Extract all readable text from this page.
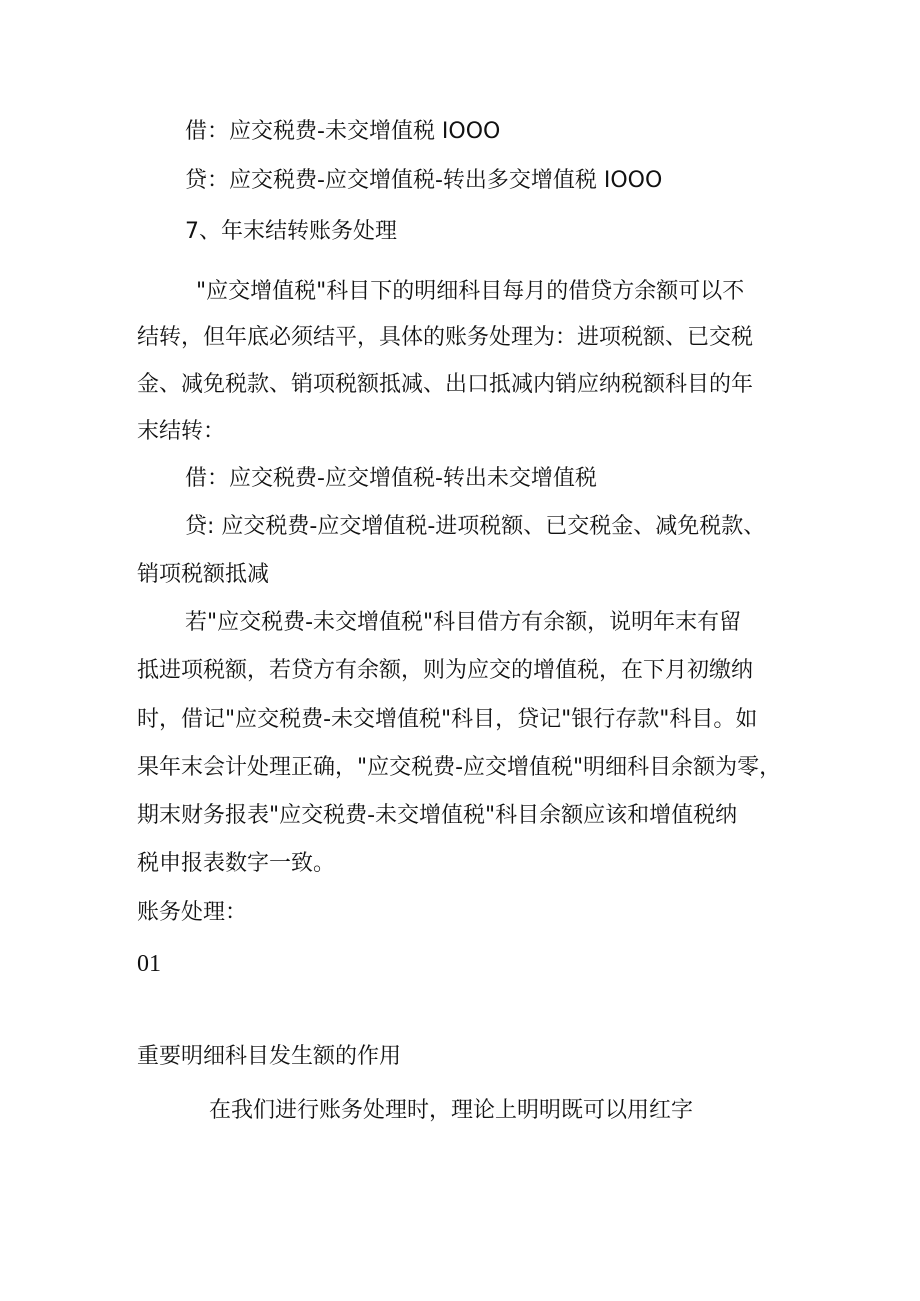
借：应交税费-未交增值税 IOOO
贷：应交税费-应交增值税-转出多交增值税 IOOO
7、年末结转账务处理
"应交增值税"科目下的明细科目每月的借贷方余额可以不
结转，但年底必须结平，具体的账务处理为：进项税额、已交税
金、减免税款、销项税额抵减、出口抵减内销应纳税额科目的年
末结转：
借：应交税费-应交增值税-转出未交增值税
贷: 应交税费-应交增值税-进项税额、已交税金、减免税款、
销项税额抵减
若"应交税费-未交增值税"科目借方有余额，说明年末有留
抵进项税额，若贷方有余额，则为应交的增值税，在下月初缴纳
时，借记"应交税费-未交增值税"科目，贷记"银行存款"科目。如
果年末会计处理正确，"应交税费-应交增值税"明细科目余额为零，
期末财务报表"应交税费-未交增值税"科目余额应该和增值税纳
税申报表数字一致。
账务处理：
01
重要明细科目发生额的作用
在我们进行账务处理时，理论上明明既可以用红字
